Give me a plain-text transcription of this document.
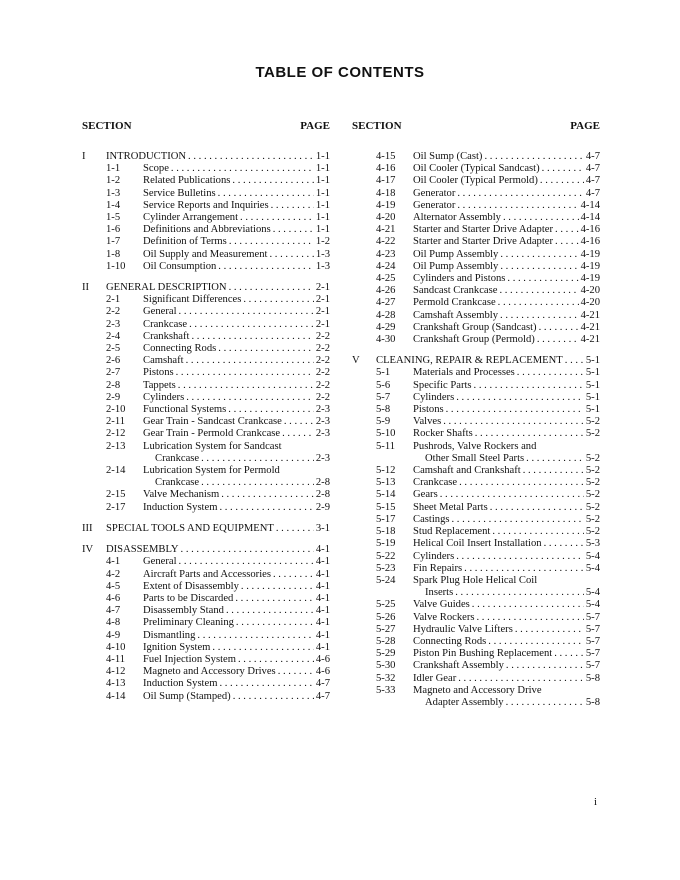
TABLE OF CONTENTS
SECTION	PAGE
I INTRODUCTION . . .	1-1
1-1 Scope . . .	1-1
1-2 Related Publications . . .	1-1
1-3 Service Bulletins . . .	1-1
1-4 Service Reports and Inquiries . . .	1-1
1-5 Cylinder Arrangement . . .	1-1
1-6 Definitions and Abbreviations . . .	1-1
1-7 Definition of Terms . . .	1-2
1-8 Oil Supply and Measurement . . .	1-3
1-10 Oil Consumption . . .	1-3
II GENERAL DESCRIPTION . . .	2-1
2-1 Significant Differences . . .	2-1
2-2 General . . .	2-1
2-3 Crankcase . . .	2-1
2-4 Crankshaft . . .	2-2
2-5 Connecting Rods . . .	2-2
2-6 Camshaft . . .	2-2
2-7 Pistons . . .	2-2
2-8 Tappets . . .	2-2
2-9 Cylinders . . .	2-2
2-10 Functional Systems . . .	2-3
2-11 Gear Train - Sandcast Crankcase . . .	2-3
2-12 Gear Train - Permold Crankcase . . .	2-3
2-13 Lubrication System for Sandcast
Crankcase . . .	2-3
2-14 Lubrication System for Permold
Crankcase . . .	2-8
2-15 Valve Mechanism . . .	2-8
2-17 Induction System . . .	2-9
III SPECIAL TOOLS AND EQUIPMENT . . .	3-1
IV DISASSEMBLY . . .	4-1
4-1 General . . .	4-1
4-2 Aircraft Parts and Accessories . . .	4-1
4-5 Extent of Disassembly . . .	4-1
4-6 Parts to be Discarded . . .	4-1
4-7 Disassembly Stand . . .	4-1
4-8 Preliminary Cleaning . . .	4-1
4-9 Dismantling . . .	4-1
4-10 Ignition System . . .	4-1
4-11 Fuel Injection System . . .	4-6
4-12 Magneto and Accessory Drives . . .	4-6
4-13 Induction System . . .	4-7
4-14 Oil Sump (Stamped) . . .	4-7
SECTION	PAGE
4-15 Oil Sump (Cast) . . .	4-7
4-16 Oil Cooler (Typical Sandcast) . . .	4-7
4-17 Oil Cooler (Typical Permold) . . .	4-7
4-18 Generator . . .	4-7
4-19 Generator . . .	4-14
4-20 Alternator Assembly . . .	4-14
4-21 Starter and Starter Drive Adapter . . .	4-16
4-22 Starter and Starter Drive Adapter . . .	4-16
4-23 Oil Pump Assembly . . .	4-19
4-24 Oil Pump Assembly . . .	4-19
4-25 Cylinders and Pistons . . .	4-19
4-26 Sandcast Crankcase . . .	4-20
4-27 Permold Crankcase . . .	4-20
4-28 Camshaft Assembly . . .	4-21
4-29 Crankshaft Group (Sandcast) . . .	4-21
4-30 Crankshaft Group (Permold) . . .	4-21
V CLEANING, REPAIR & REPLACEMENT . . . 5-1
5-1 Materials and Processes . . .	5-1
5-6 Specific Parts . . .	5-1
5-7 Cylinders . . .	5-1
5-8 Pistons . . .	5-1
5-9 Valves . . .	5-2
5-10 Rocker Shafts . . .	5-2
5-11 Pushrods, Valve Rockers and
Other Small Steel Parts . . .	5-2
5-12 Camshaft and Crankshaft . . .	5-2
5-13 Crankcase . . .	5-2
5-14 Gears . . .	5-2
5-15 Sheet Metal Parts . . .	5-2
5-17 Castings . . .	5-2
5-18 Stud Replacement . . .	5-2
5-19 Helical Coil Insert Installation . . .	5-3
5-22 Cylinders . . .	5-4
5-23 Fin Repairs . . .	5-4
5-24 Spark Plug Hole Helical Coil
Inserts . . .	5-4
5-25 Valve Guides . . .	5-4
5-26 Valve Rockers . . .	5-7
5-27 Hydraulic Valve Lifters . . .	5-7
5-28 Connecting Rods . . .	5-7
5-29 Piston Pin Bushing Replacement . . .	5-7
5-30 Crankshaft Assembly . . .	5-7
5-32 Idler Gear . . .	5-8
5-33 Magneto and Accessory Drive
Adapter Assembly . . .	5-8
i
